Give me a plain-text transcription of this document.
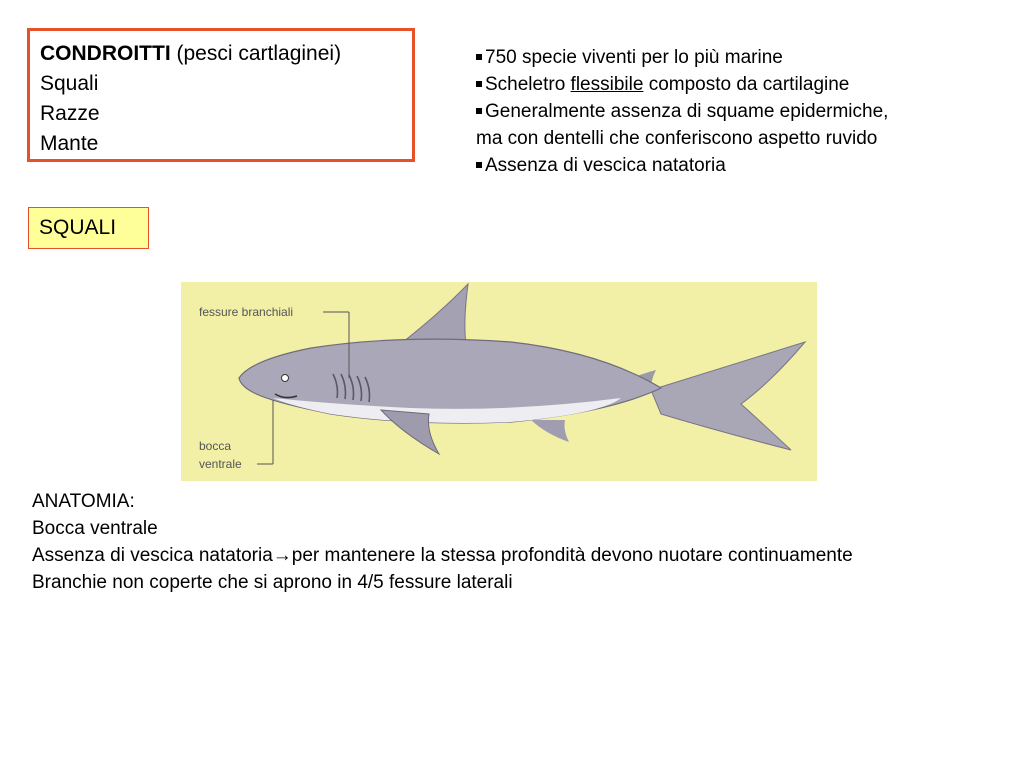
CONDROITTI (pesci cartlaginei)
Squali
Razze
Mante
750 specie viventi per lo più marine
Scheletro flessibile composto da cartilagine
Generalmente assenza di squame epidermiche,
ma con dentelli che conferiscono aspetto ruvido
Assenza di vescica natatoria
SQUALI
fessure branchiali
bocca
ventrale
ANATOMIA:
Bocca ventrale
Assenza di vescica natatoria→per mantenere la stessa profondità devono nuotare continuamente
Branchie non coperte che si aprono in 4/5 fessure laterali
